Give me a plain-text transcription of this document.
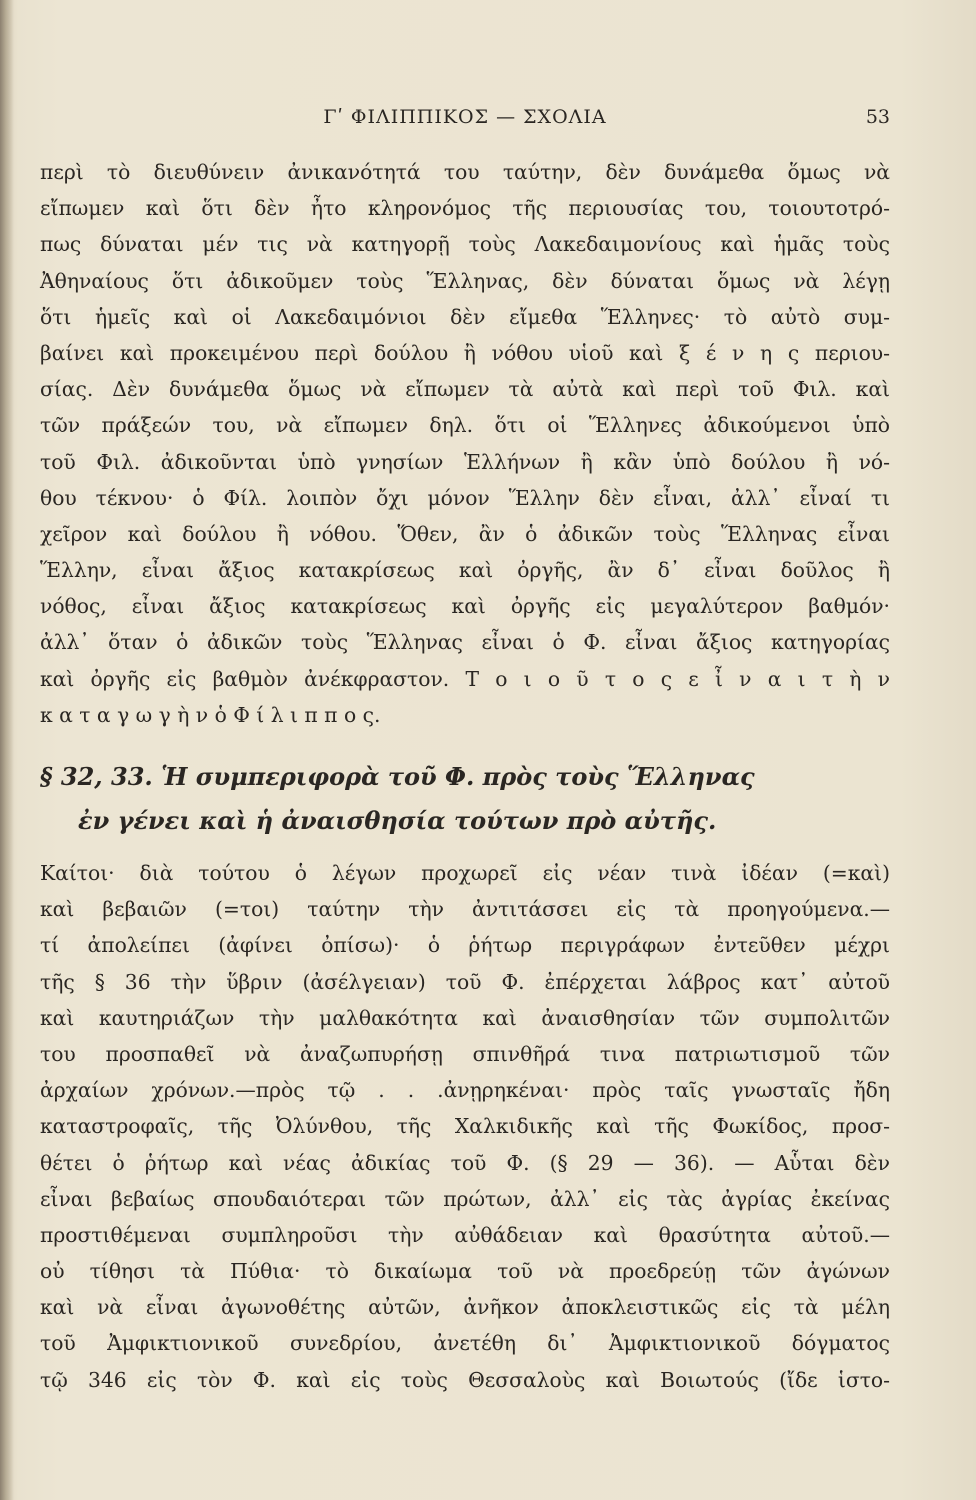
Γʹ ΦΙΛΙΠΠΙΚΟΣ — ΣΧΟΛΙΑ	53
περὶ τὸ διευθύνειν ἀνικανότητά του ταύτην, δὲν δυνάμεθα ὅμως νὰ
εἴπωμεν καὶ ὅτι δὲν ἦτο κληρονόμος τῆς περιουσίας του, τοιουτοτρό-
πως δύναται μέν τις νὰ κατηγορῇ τοὺς Λακεδαιμονίους καὶ ἡμᾶς τοὺς
Ἀθηναίους ὅτι ἀδικοῦμεν τοὺς Ἕλληνας, δὲν δύναται ὅμως νὰ λέγῃ
ὅτι ἡμεῖς καὶ οἱ Λακεδαιμόνιοι δὲν εἴμεθα Ἕλληνες· τὸ αὐτὸ συμ-
βαίνει καὶ προκειμένου περὶ δούλου ἢ νόθου υἱοῦ καὶ ξ έ ν η ς περιου-
σίας. Δὲν δυνάμεθα ὅμως νὰ εἴπωμεν τὰ αὐτὰ καὶ περὶ τοῦ Φιλ. καὶ
τῶν πράξεών του, νὰ εἴπωμεν δηλ. ὅτι οἱ Ἕλληνες ἀδικούμενοι ὑπὸ
τοῦ Φιλ. ἀδικοῦνται ὑπὸ γνησίων Ἑλλήνων ἢ κἂν ὑπὸ δούλου ἢ νό-
θου τέκνου· ὁ Φίλ. λοιπὸν ὄχι μόνον Ἕλλην δὲν εἶναι, ἀλλ᾽ εἶναί τι
χεῖρον καὶ δούλου ἢ νόθου. Ὅθεν, ἂν ὁ ἀδικῶν τοὺς Ἕλληνας εἶναι
Ἕλλην, εἶναι ἄξιος κατακρίσεως καὶ ὀργῆς, ἂν δ᾽ εἶναι δοῦλος ἢ
νόθος, εἶναι ἄξιος κατακρίσεως καὶ ὀργῆς εἰς μεγαλύτερον βαθμόν·
ἀλλ᾽ ὅταν ὁ ἀδικῶν τοὺς Ἕλληνας εἶναι ὁ Φ. εἶναι ἄξιος κατηγορίας
καὶ ὀργῆς εἰς βαθμὸν ἀνέκφραστον. Τ ο ι ο ῦ τ ο ς ε ἶ ν α ι τ ὴ ν
κ α τ α γ ω γ ὴ ν ὁ Φ ί λ ι π π ο ς.
§ 32, 33. Ἡ συμπεριφορὰ τοῦ Φ. πρὸς τοὺς Ἕλληνας
ἐν γένει καὶ ἡ ἀναισθησία τούτων πρὸ αὐτῆς.
Καίτοι· διὰ τούτου ὁ λέγων προχωρεῖ εἰς νέαν τινὰ ἰδέαν (=καὶ)
καὶ βεβαιῶν (=τοι) ταύτην τὴν ἀντιτάσσει εἰς τὰ προηγούμενα.—
τί ἀπολείπει (ἀφίνει ὀπίσω)· ὁ ῥήτωρ περιγράφων ἐντεῦθεν μέχρι
τῆς § 36 τὴν ὕβριν (ἀσέλγειαν) τοῦ Φ. ἐπέρχεται λάβρος κατ᾽ αὐτοῦ
καὶ καυτηριάζων τὴν μαλθακότητα καὶ ἀναισθησίαν τῶν συμπολιτῶν
του προσπαθεῖ νὰ ἀναζωπυρήσῃ σπινθῆρά τινα πατριωτισμοῦ τῶν
ἀρχαίων χρόνων.—πρὸς τῷ . . .ἀνῃρηκέναι· πρὸς ταῖς γνωσταῖς ἤδη
καταστροφαῖς, τῆς Ὀλύνθου, τῆς Χαλκιδικῆς καὶ τῆς Φωκίδος, προσ-
θέτει ὁ ῥήτωρ καὶ νέας ἀδικίας τοῦ Φ. (§ 29 — 36). — Αὗται δὲν
εἶναι βεβαίως σπουδαιότεραι τῶν πρώτων, ἀλλ᾽ εἰς τὰς ἀγρίας ἐκείνας
προστιθέμεναι συμπληροῦσι τὴν αὐθάδειαν καὶ θρασύτητα αὐτοῦ.—
οὐ τίθησι τὰ Πύθια· τὸ δικαίωμα τοῦ νὰ προεδρεύῃ τῶν ἀγώνων
καὶ νὰ εἶναι ἀγωνοθέτης αὐτῶν, ἀνῆκον ἀποκλειστικῶς εἰς τὰ μέλη
τοῦ Ἀμφικτιονικοῦ συνεδρίου, ἀνετέθη δι᾽ Ἀμφικτιονικοῦ δόγματος
τῷ 346 εἰς τὸν Φ. καὶ εἰς τοὺς Θεσσαλοὺς καὶ Βοιωτούς (ἴδε ἱστο-
